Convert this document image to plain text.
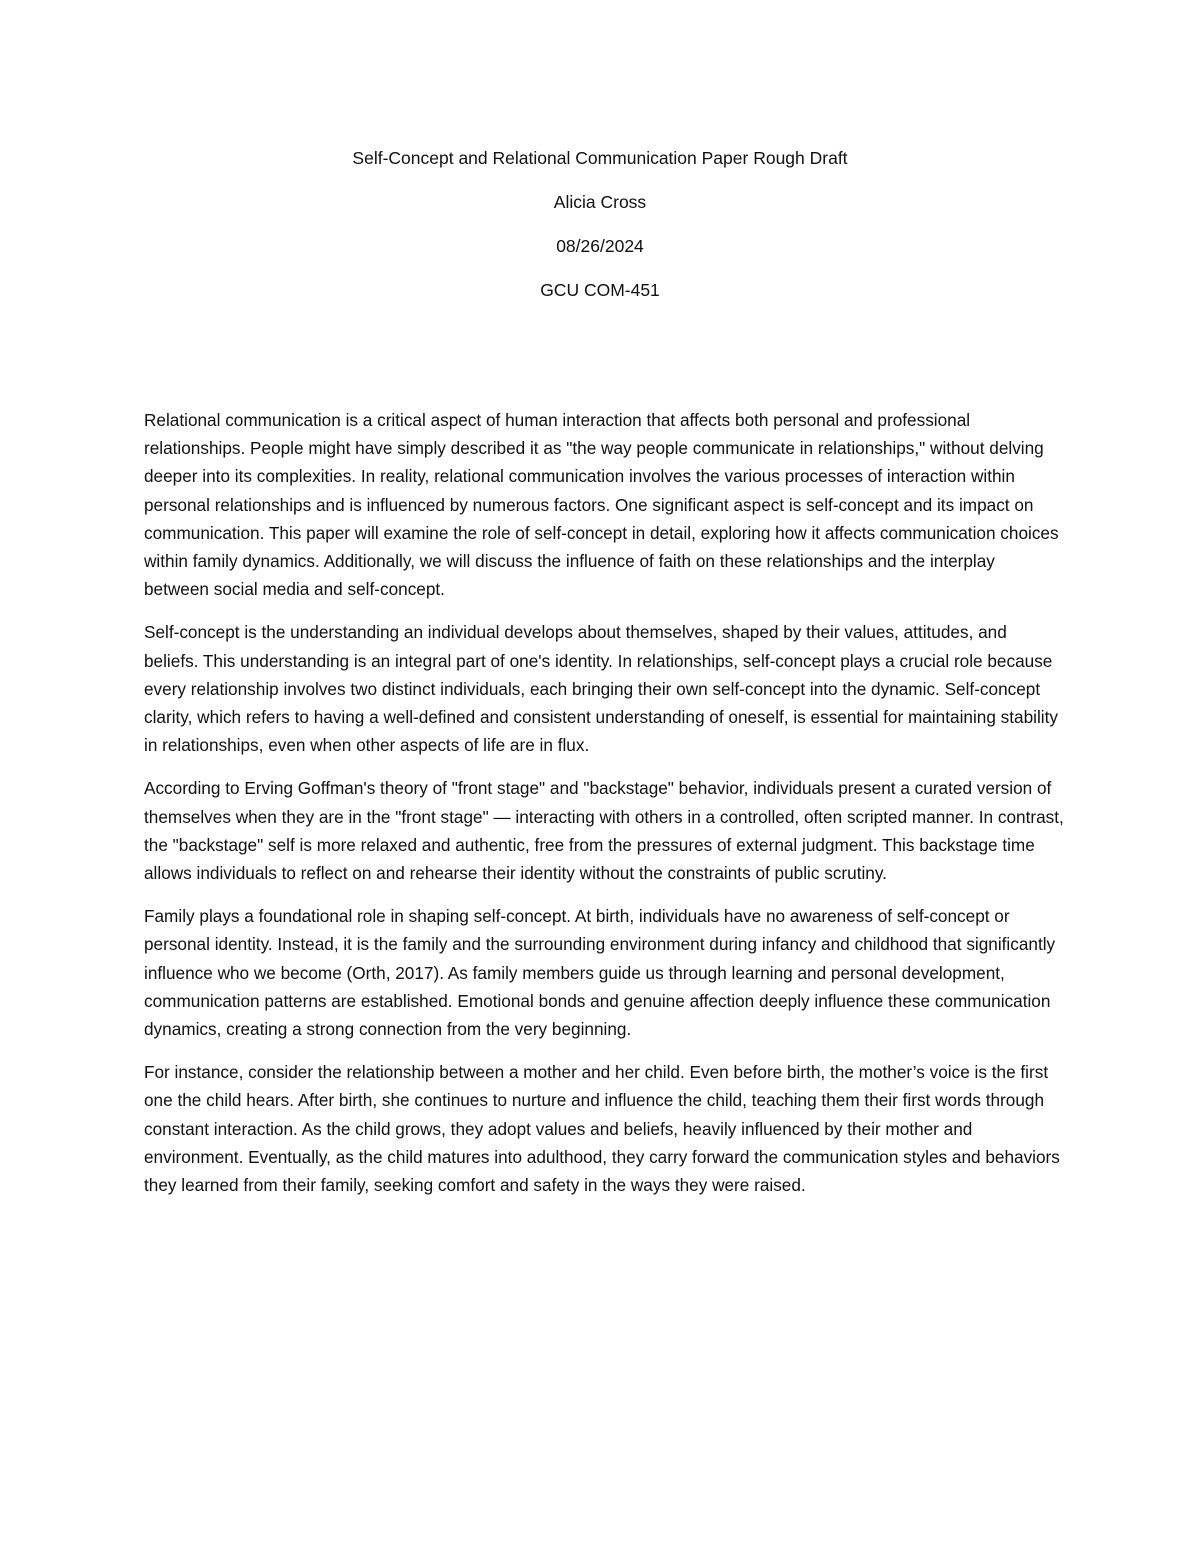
Self-Concept and Relational Communication Paper Rough Draft

Alicia Cross

08/26/2024

GCU COM-451

Relational communication is a critical aspect of human interaction that affects both personal and professional relationships. People might have simply described it as "the way people communicate in relationships," without delving deeper into its complexities. In reality, relational communication involves the various processes of interaction within personal relationships and is influenced by numerous factors. One significant aspect is self-concept and its impact on communication. This paper will examine the role of self-concept in detail, exploring how it affects communication choices within family dynamics. Additionally, we will discuss the influence of faith on these relationships and the interplay between social media and self-concept.

Self-concept is the understanding an individual develops about themselves, shaped by their values, attitudes, and beliefs. This understanding is an integral part of one's identity. In relationships, self-concept plays a crucial role because every relationship involves two distinct individuals, each bringing their own self-concept into the dynamic. Self-concept clarity, which refers to having a well-defined and consistent understanding of oneself, is essential for maintaining stability in relationships, even when other aspects of life are in flux.

According to Erving Goffman's theory of "front stage" and "backstage" behavior, individuals present a curated version of themselves when they are in the "front stage" — interacting with others in a controlled, often scripted manner. In contrast, the "backstage" self is more relaxed and authentic, free from the pressures of external judgment. This backstage time allows individuals to reflect on and rehearse their identity without the constraints of public scrutiny.

Family plays a foundational role in shaping self-concept. At birth, individuals have no awareness of self-concept or personal identity. Instead, it is the family and the surrounding environment during infancy and childhood that significantly influence who we become (Orth, 2017). As family members guide us through learning and personal development, communication patterns are established. Emotional bonds and genuine affection deeply influence these communication dynamics, creating a strong connection from the very beginning.

For instance, consider the relationship between a mother and her child. Even before birth, the mother’s voice is the first one the child hears. After birth, she continues to nurture and influence the child, teaching them their first words through constant interaction. As the child grows, they adopt values and beliefs, heavily influenced by their mother and environment. Eventually, as the child matures into adulthood, they carry forward the communication styles and behaviors they learned from their family, seeking comfort and safety in the ways they were raised.
